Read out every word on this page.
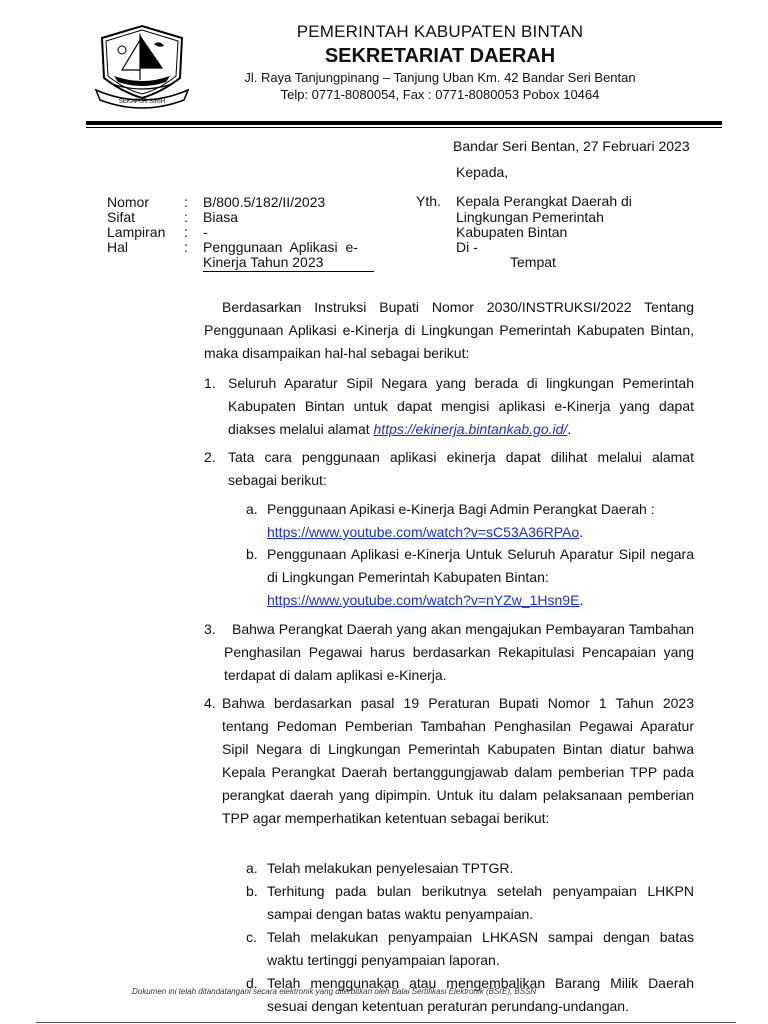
SEKAPUR SIRIH
PEMERINTAH KABUPATEN BINTAN
SEKRETARIAT DAERAH
Jl. Raya Tanjungpinang – Tanjung Uban Km. 42 Bandar Seri Bentan
Telp: 0771-8080054, Fax : 0771-8080053 Pobox 10464
Bandar Seri Bentan, 27 Februari 2023
Kepada,
Nomor : B/800.5/182/II/2023
Sifat	: Biasa
Lampiran : -
Hal	: Penggunaan  Aplikasi  e-
Kinerja Tahun 2023
Yth. Kepala Perangkat Daerah di
Lingkungan Pemerintah
Kabupaten Bintan
Di -
Tempat
Berdasarkan Instruksi Bupati Nomor 2030/INSTRUKSI/2022 Tentang Penggunaan Aplikasi e-Kinerja di Lingkungan Pemerintah Kabupaten Bintan, maka disampaikan hal-hal sebagai berikut:
1. Seluruh Aparatur Sipil Negara yang berada di lingkungan Pemerintah Kabupaten Bintan untuk dapat mengisi aplikasi e-Kinerja yang dapat diakses melalui alamat https://ekinerja.bintankab.go.id/.
2. Tata cara penggunaan aplikasi ekinerja dapat dilihat melalui alamat sebagai berikut:
a. Penggunaan Apikasi e-Kinerja Bagi Admin Perangkat Daerah :
https://www.youtube.com/watch?v=sC53A36RPAo.
b. Penggunaan Aplikasi e-Kinerja Untuk Seluruh Aparatur Sipil negara di Lingkungan Pemerintah Kabupaten Bintan:
https://www.youtube.com/watch?v=nYZw_1Hsn9E.
3.	Bahwa Perangkat Daerah yang akan mengajukan Pembayaran Tambahan Penghasilan Pegawai harus berdasarkan Rekapitulasi Pencapaian yang terdapat di dalam aplikasi e-Kinerja.
4. Bahwa berdasarkan pasal 19 Peraturan Bupati Nomor 1 Tahun 2023 tentang Pedoman Pemberian Tambahan Penghasilan Pegawai Aparatur Sipil Negara di Lingkungan Pemerintah Kabupaten Bintan diatur bahwa Kepala Perangkat Daerah bertanggungjawab dalam pemberian TPP pada perangkat daerah yang dipimpin. Untuk itu dalam pelaksanaan pemberian TPP agar memperhatikan ketentuan sebagai berikut:
a. Telah melakukan penyelesaian TPTGR.
b. Terhitung pada bulan berikutnya setelah penyampaian LHKPN sampai dengan batas waktu penyampaian.
c. Telah melakukan penyampaian LHKASN sampai dengan batas waktu tertinggi penyampaian laporan.
d. Telah menggunakan atau mengembalikan Barang Milik Daerah sesuai dengan ketentuan peraturan perundang-undangan.
Dokumen ini telah ditandatangani secara elektronik yang diterbitkan oleh Balai Sertifikasi Elektronik (BSrE), BSSN
